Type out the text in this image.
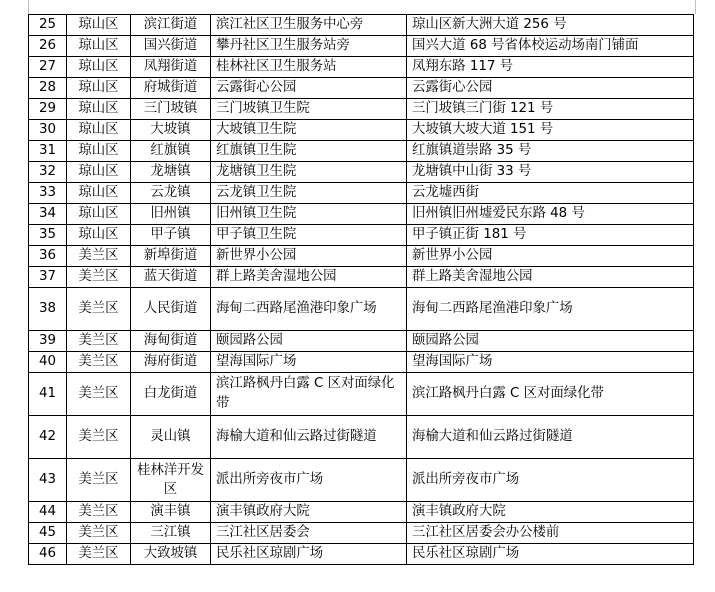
25	琼山区	滨江街道	滨江社区卫生服务中心旁	琼山区新大洲大道 256 号
26	琼山区	国兴街道	攀丹社区卫生服务站旁	国兴大道 68 号省体校运动场南门铺面
27	琼山区	凤翔街道	桂林社区卫生服务站	凤翔东路 117 号
28	琼山区	府城街道	云露街心公园	云露街心公园
29	琼山区	三门坡镇	三门坡镇卫生院	三门坡镇三门街 121 号
30	琼山区	大坡镇	大坡镇卫生院	大坡镇大坡大道 151 号
31	琼山区	红旗镇	红旗镇卫生院	红旗镇道崇路 35 号
32	琼山区	龙塘镇	龙塘镇卫生院	龙塘镇中山街 33 号
33	琼山区	云龙镇	云龙镇卫生院	云龙墟西街
34	琼山区	旧州镇	旧州镇卫生院	旧州镇旧州墟爱民东路 48 号
35	琼山区	甲子镇	甲子镇卫生院	甲子镇正街 181 号
36	美兰区	新埠街道	新世界小公园	新世界小公园
37	美兰区	蓝天街道	群上路美舍湿地公园	群上路美舍湿地公园
38	美兰区	人民街道	海甸二西路尾渔港印象广场	海甸二西路尾渔港印象广场
39	美兰区	海甸街道	颐园路公园	颐园路公园
40	美兰区	海府街道	望海国际广场	望海国际广场
41	美兰区	白龙街道	滨江路枫丹白露 C 区对面绿化带	滨江路枫丹白露 C 区对面绿化带
42	美兰区	灵山镇	海榆大道和仙云路过街隧道	海榆大道和仙云路过街隧道
43	美兰区	桂林洋开发区	派出所旁夜市广场	派出所旁夜市广场
44	美兰区	演丰镇	演丰镇政府大院	演丰镇政府大院
45	美兰区	三江镇	三江社区居委会	三江社区居委会办公楼前
46	美兰区	大致坡镇	民乐社区琼剧广场	民乐社区琼剧广场
